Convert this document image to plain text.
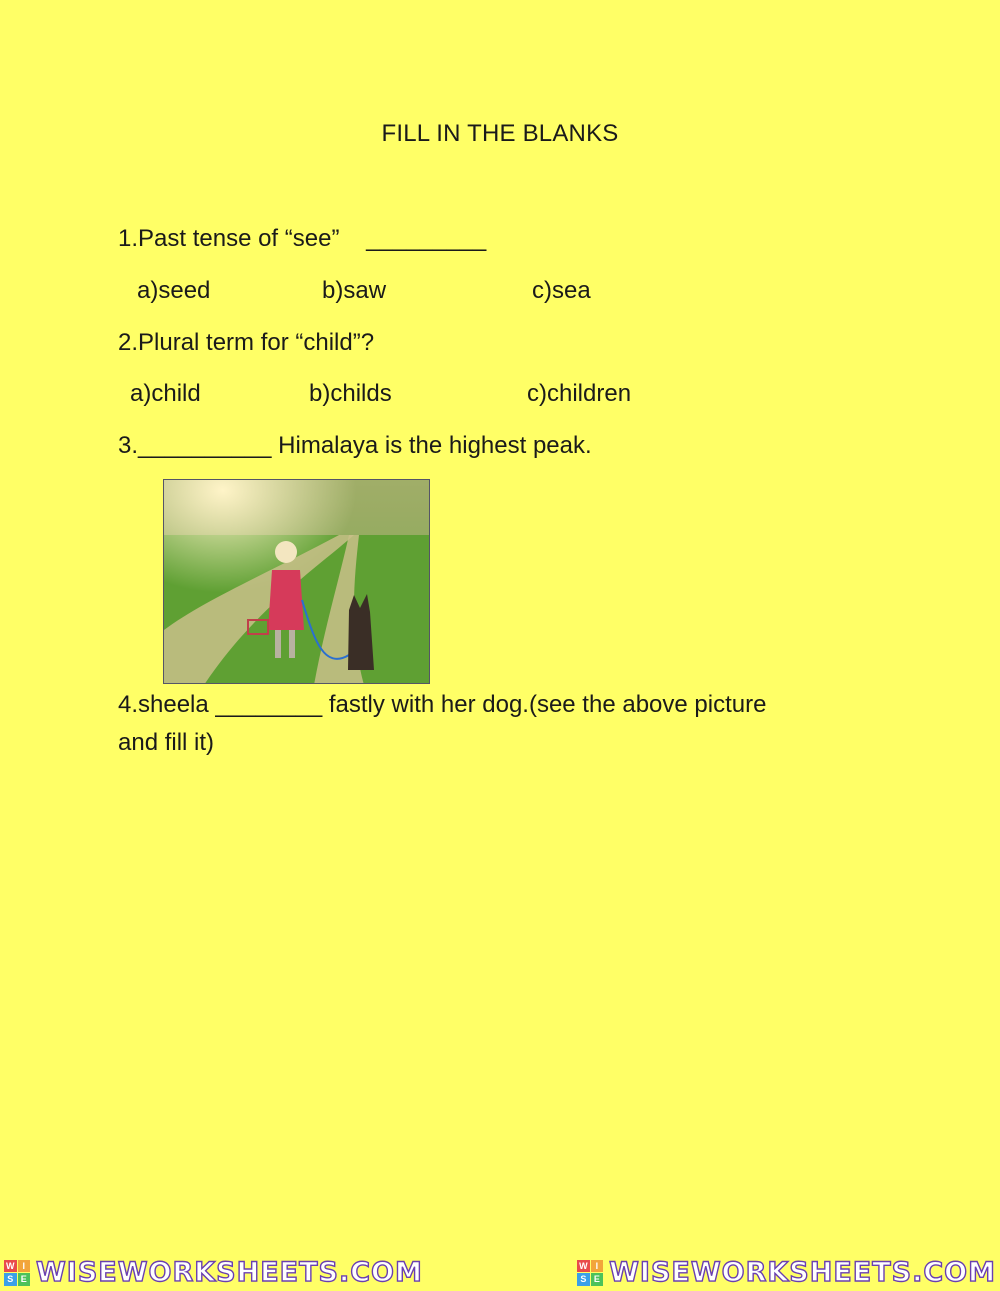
FILL IN THE BLANKS
1.Past tense of “see”    _________
a)seed	b)saw	c)sea
2.Plural term for “child”?
a)child	b)childs	c)children
3.__________ Himalaya is the highest peak.
4.sheela ________ fastly with her dog.(see the above picture
and fill it)
W I
S E WISEWORKSHEETS.COM	W I
S E WISEWORKSHEETS.COM
